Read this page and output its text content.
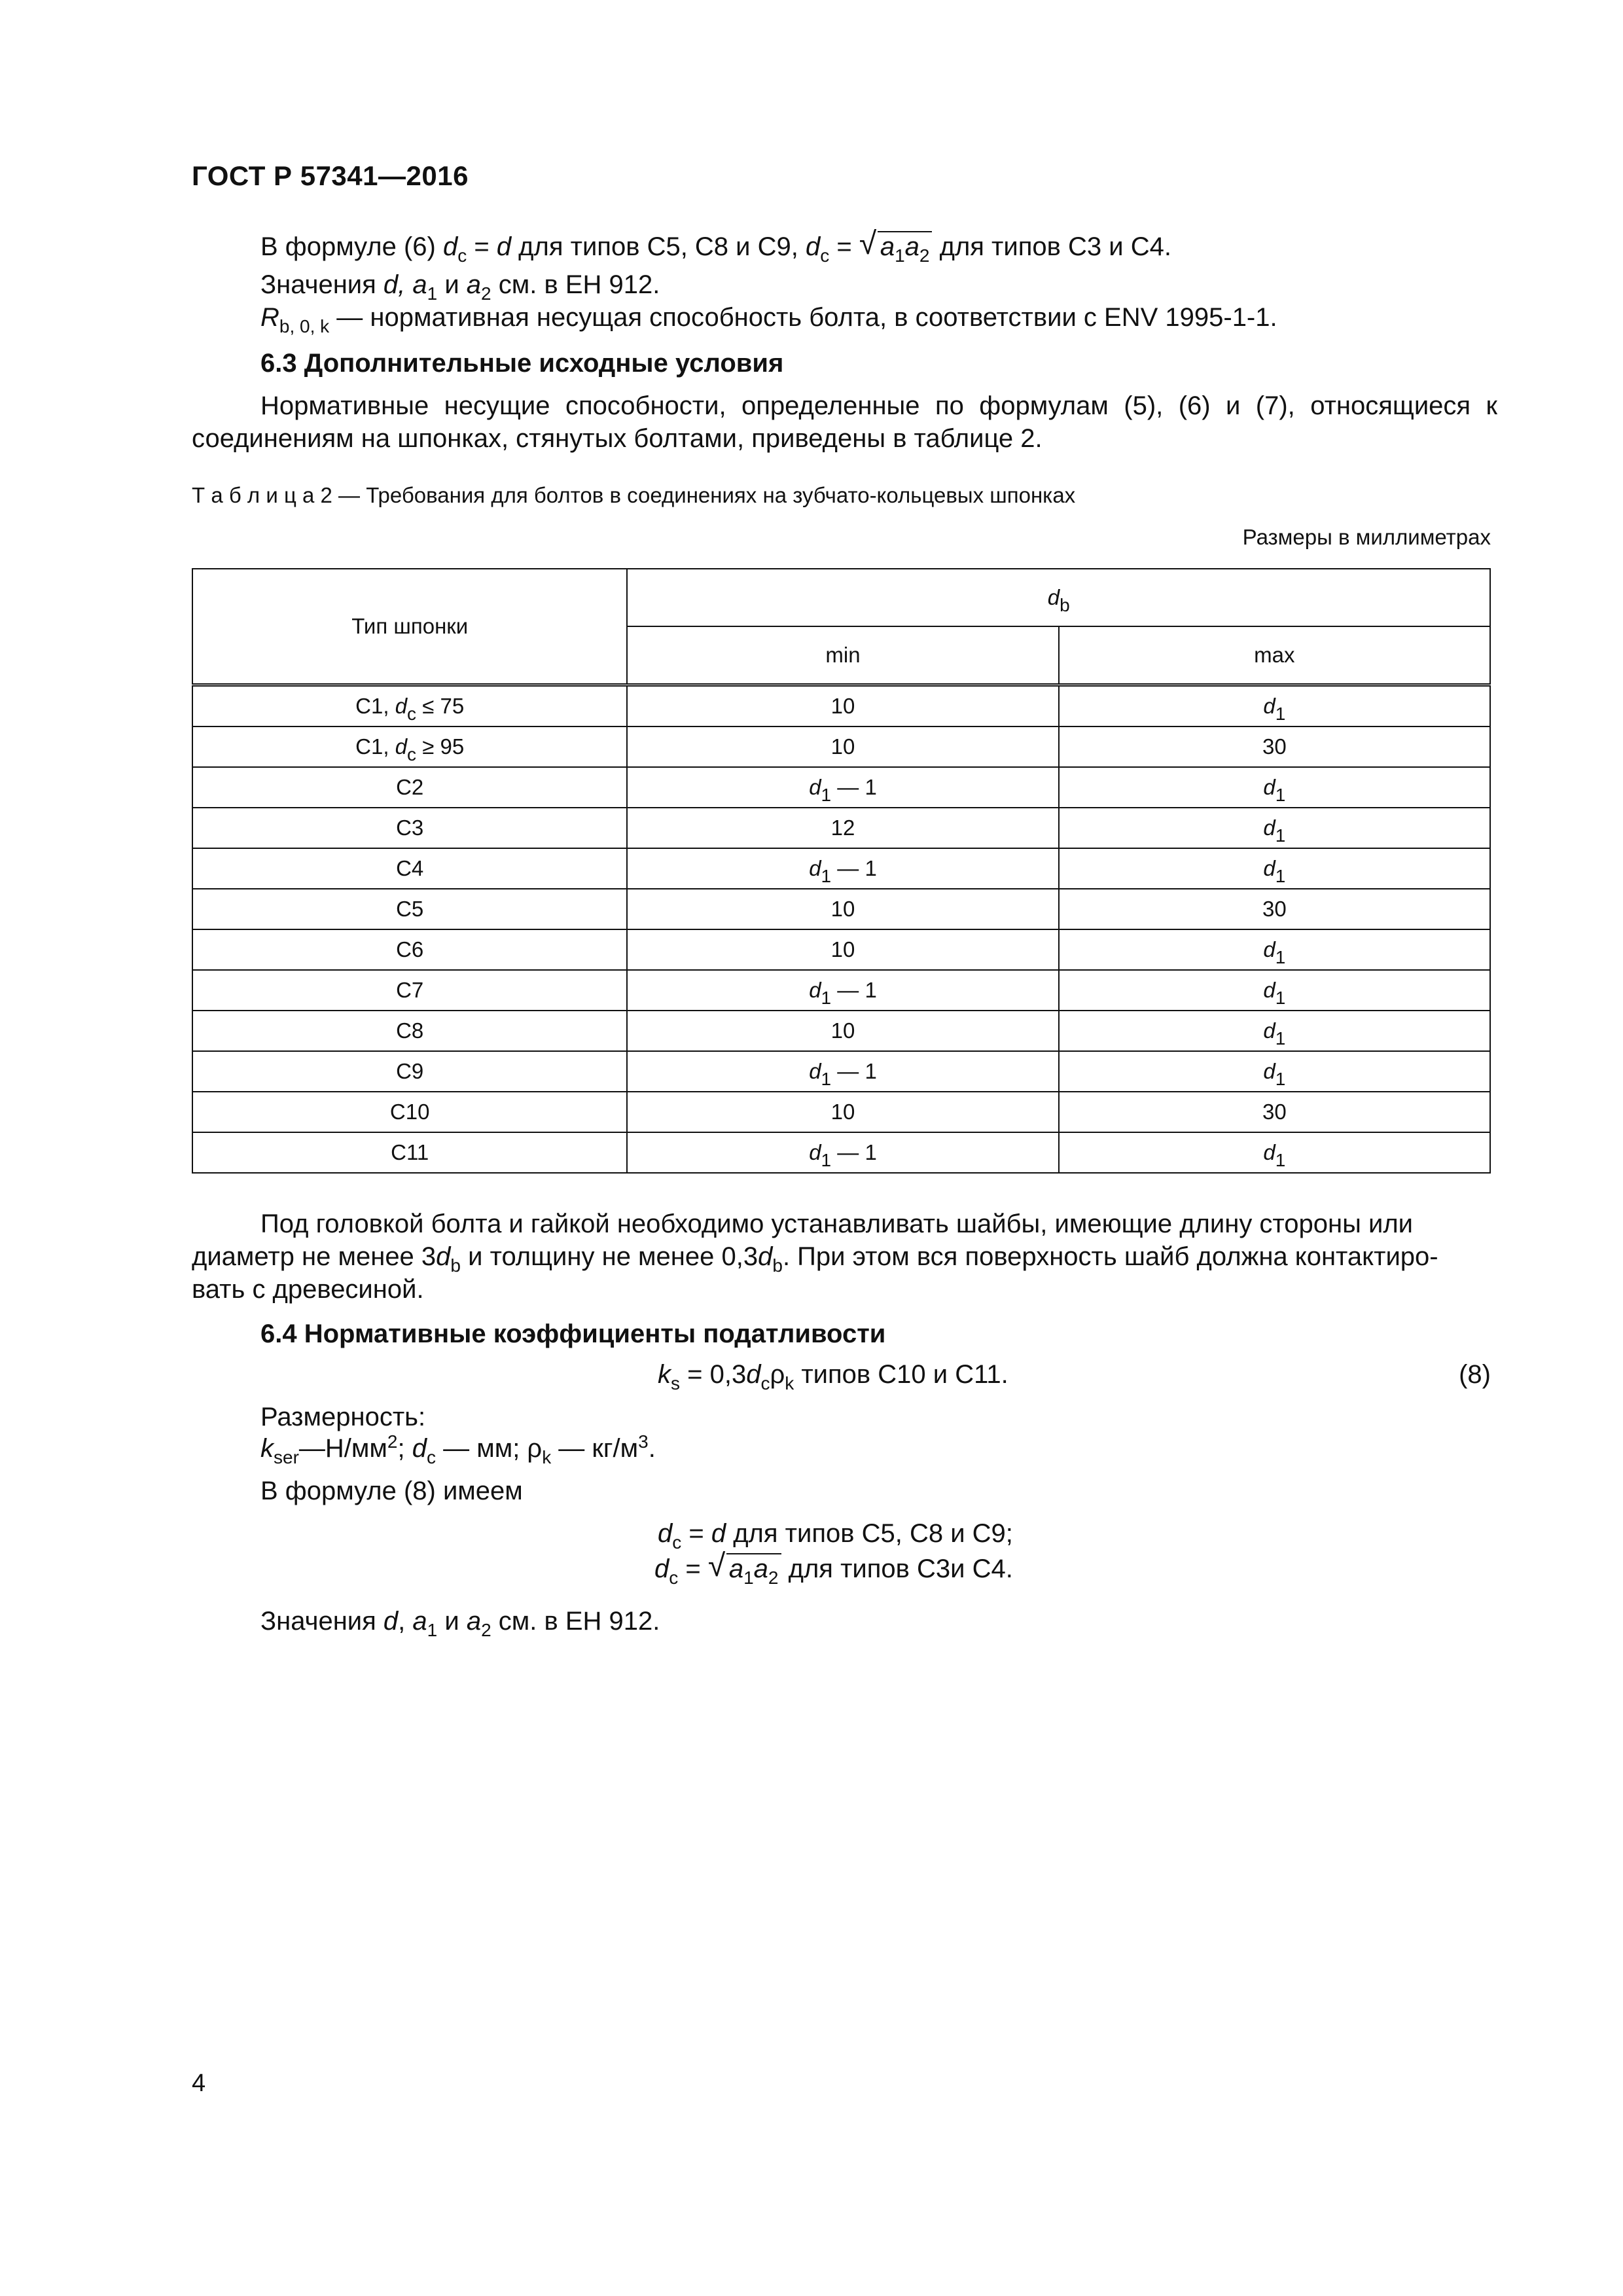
ГОСТ Р 57341—2016
В формуле (6) $d_c = d$ для типов С5, С8 и С9, $d_c$ = √ $a_1a_2$ для типов С3 и С4.
Значения d, $a_1$ и $a_2$ см. в ЕН 912.
$R_{b, 0, k}$ — нормативная несущая способность болта, в соответствии с ENV 1995-1-1.
6.3 Дополнительные исходные условия
Нормативные несущие способности, определенные по формулам (5), (6) и (7), относящиеся к соединениям на шпонках, стянутых болтами, приведены в таблице 2.
Т а б л и ц а 2 — Требования для болтов в соединениях на зубчато-кольцевых шпонках
Размеры в миллиметрах
Тип шпонки	$d_b$
	min	max
С1, $d_c \le 75$	10	$d_1$
С1, $d_c \ge 95$	10	30
С2	$d_1$ — 1	$d_1$
С3	12	$d_1$
С4	$d_1$ — 1	$d_1$
С5	10	30
С6	10	$d_1$
С7	$d_1$ — 1	$d_1$
С8	10	$d_1$
С9	$d_1$ — 1	$d_1$
С10	10	30
С11	$d_1$ — 1	$d_1$
Под головкой болта и гайкой необходимо устанавливать шайбы, имеющие длину стороны или
диаметр не менее $3d_b$ и толщину не менее $0,3d_b$. При этом вся поверхность шайб должна контактиро-
вать с древесиной.
6.4 Нормативные коэффициенты податливости
$k_s = 0,3d_c\rho_k$ типов С10 и С11.	(8)
Размерность:
$k_{ser}—Н/мм^2$; $d_c$ — мм; $\rho_k$ — $кг/м^3$.
В формуле (8) имеем
$d_c = d$ для типов С5, С8 и С9;
$d_c$ = √ $a_1a_2$ для типов С3и С4.
Значения d, $a_1$ и $a_2$ см. в ЕН 912.
4
